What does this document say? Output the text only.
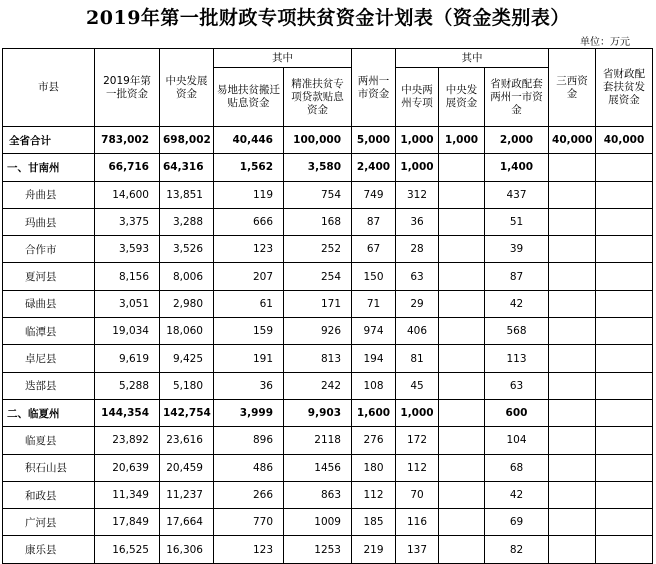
2019年第一批财政专项扶贫资金计划表（资金类别表）
单位：万元
市县	2019年第一批资金	中央发展资金	其中		两州一市资金	其中			三西资金	省财政配套扶贫发展资金
			易地扶贫搬迁贴息资金	精准扶贫专项贷款贴息资金		中央两州专项	中央发展资金	省财政配套两州一市资金		
全省合计	783,002	698,002	40,446	100,000	5,000	1,000	1,000	2,000	40,000	40,000
一、甘南州	66,716	64,316	1,562	3,580	2,400	1,000		1,400		
舟曲县	14,600	13,851	119	754	749	312		437		
玛曲县	3,375	3,288	666	168	87	36		51		
合作市	3,593	3,526	123	252	67	28		39		
夏河县	8,156	8,006	207	254	150	63		87		
碌曲县	3,051	2,980	61	171	71	29		42		
临潭县	19,034	18,060	159	926	974	406		568		
卓尼县	9,619	9,425	191	813	194	81		113		
迭部县	5,288	5,180	36	242	108	45		63		
二、临夏州	144,354	142,754	3,999	9,903	1,600	1,000		600		
临夏县	23,892	23,616	896	2118	276	172		104		
积石山县	20,639	20,459	486	1456	180	112		68		
和政县	11,349	11,237	266	863	112	70		42		
广河县	17,849	17,664	770	1009	185	116		69		
康乐县	16,525	16,306	123	1253	219	137		82		
